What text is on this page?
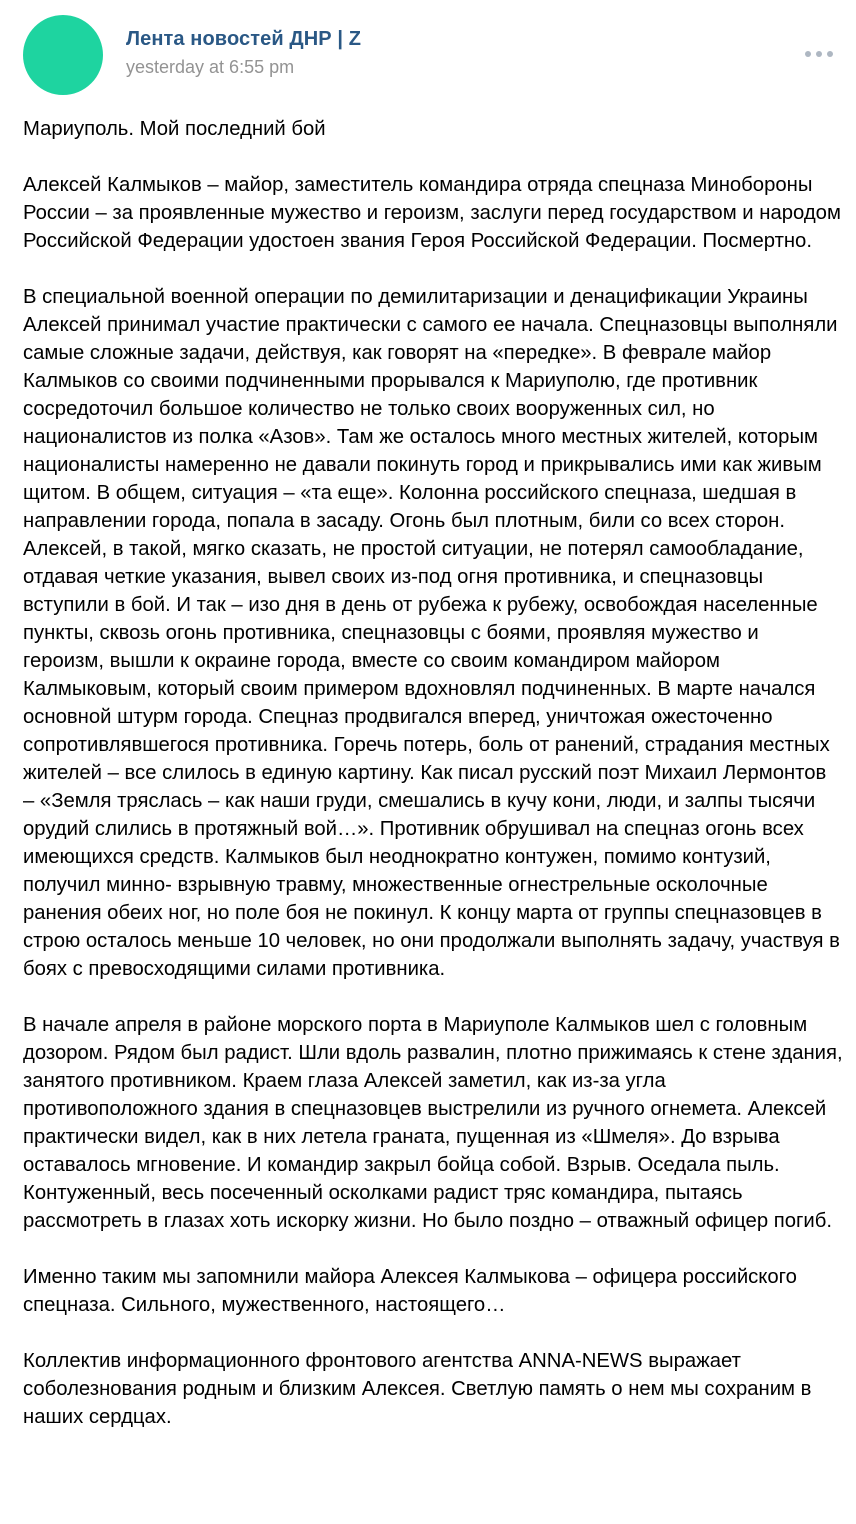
Лента новостей ДНР | Z
yesterday at 6:55 pm

Мариуполь. Мой последний бой

Алексей Калмыков – майор, заместитель командира отряда спецназа Минобороны России – за проявленные мужество и героизм, заслуги перед государством и народом Российской Федерации удостоен звания Героя Российской Федерации. Посмертно.

В специальной военной операции по демилитаризации и денацификации Украины Алексей принимал участие практически с самого ее начала. Спецназовцы выполняли самые сложные задачи, действуя, как говорят на «передке». В феврале майор Калмыков со своими подчиненными прорывался к Мариуполю, где противник сосредоточил большое количество не только своих вооруженных сил, но националистов из полка «Азов». Там же осталось много местных жителей, которым националисты намеренно не давали покинуть город и прикрывались ими как живым щитом. В общем, ситуация – «та еще». Колонна российского спецназа, шедшая в направлении города, попала в засаду. Огонь был плотным, били со всех сторон. Алексей, в такой, мягко сказать, не простой ситуации, не потерял самообладание, отдавая четкие указания, вывел своих из-под огня противника, и спецназовцы вступили в бой. И так – изо дня в день от рубежа к рубежу, освобождая населенные пункты, сквозь огонь противника, спецназовцы с боями, проявляя мужество и героизм, вышли к окраине города, вместе со своим командиром майором Калмыковым, который своим примером вдохновлял подчиненных. В марте начался основной штурм города. Спецназ продвигался вперед, уничтожая ожесточенно сопротивлявшегося противника. Горечь потерь, боль от ранений, страдания местных жителей – все слилось в единую картину. Как писал русский поэт Михаил Лермонтов – «Земля тряслась – как наши груди, смешались в кучу кони, люди, и залпы тысячи орудий слились в протяжный вой…». Противник обрушивал на спецназ огонь всех имеющихся средств. Калмыков был неоднократно контужен, помимо контузий, получил минно- взрывную травму, множественные огнестрельные осколочные ранения обеих ног, но поле боя не покинул. К концу марта от группы спецназовцев в строю осталось меньше 10 человек, но они продолжали выполнять задачу, участвуя в боях с превосходящими силами противника.

В начале апреля в районе морского порта в Мариуполе Калмыков шел с головным дозором. Рядом был радист. Шли вдоль развалин, плотно прижимаясь к стене здания, занятого противником. Краем глаза Алексей заметил, как из-за угла противоположного здания в спецназовцев выстрелили из ручного огнемета. Алексей практически видел, как в них летела граната, пущенная из «Шмеля». До взрыва оставалось мгновение. И командир закрыл бойца собой. Взрыв. Оседала пыль. Контуженный, весь посеченный осколками радист тряс командира, пытаясь рассмотреть в глазах хоть искорку жизни. Но было поздно – отважный офицер погиб.

Именно таким мы запомнили майора Алексея Калмыкова – офицера российского спецназа. Сильного, мужественного, настоящего…

Коллектив информационного фронтового агентства ANNA-NEWS выражает соболезнования родным и близким Алексея. Светлую память о нем мы сохраним в наших сердцах.
